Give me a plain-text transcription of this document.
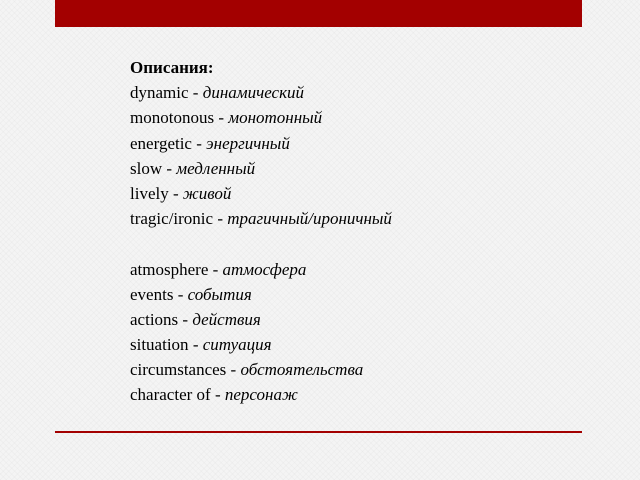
Описания:
dynamic - динамический
monotonous - монотонный
energetic - энергичный
slow - медленный
lively - живой
tragic/ironic - трагичный/ироничный
atmosphere - атмосфера
events - события
actions - действия
situation - ситуация
circumstances - обстоятельства
character of - персонаж
